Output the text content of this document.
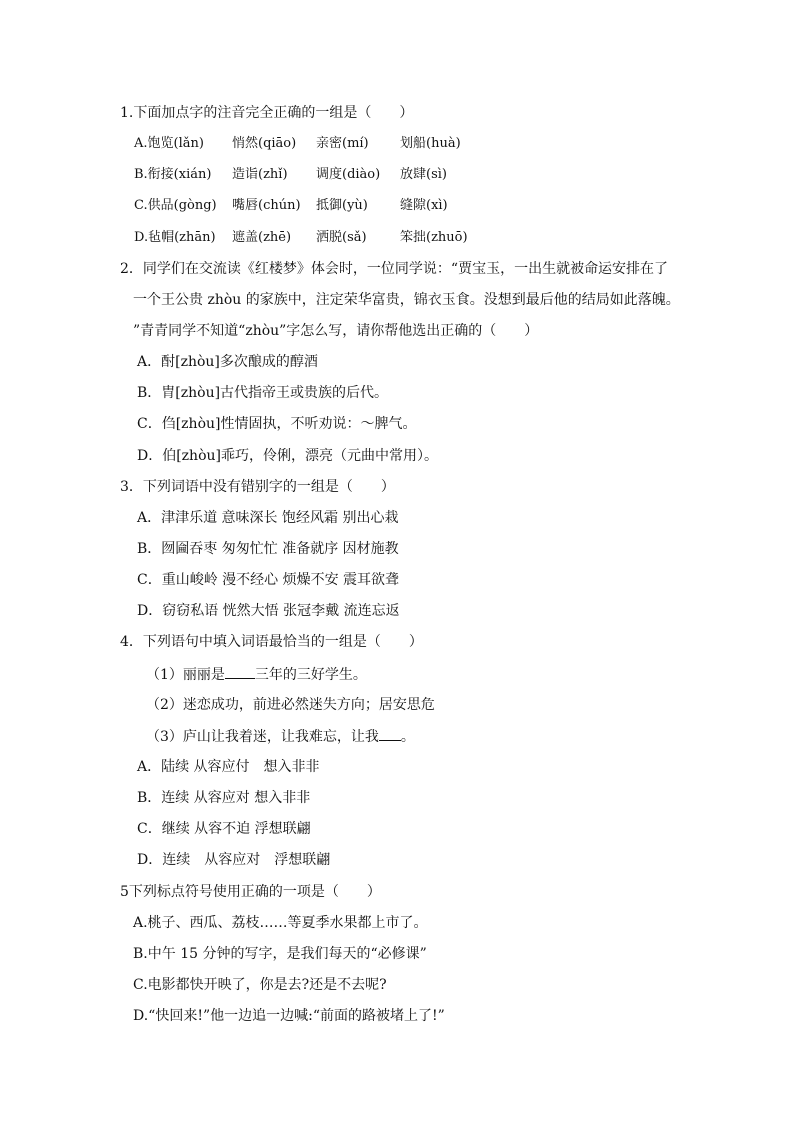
1.下面加点字的注音完全正确的一组是（　　）
A.饱览(lǎn) 悄然(qiāo) 亲密(mí) 划船(huà)
B.衔接(xián) 造诣(zhǐ) 调度(diào) 放肆(sì)
C.供品(gòng) 嘴唇(chún) 抵御(yù) 缝隙(xì)
D.毡帽(zhān) 遮盖(zhē) 洒脱(sǎ)	笨拙(zhuō)
2．同学们在交流读《红楼梦》体会时，一位同学说：“贾宝玉，一出生就被命运安排在了
一个王公贵 zhòu 的家族中，注定荣华富贵，锦衣玉食。没想到最后他的结局如此落魄。
”青青同学不知道“zhòu”字怎么写，请你帮他选出正确的（　　）
A．酎[zhòu]多次酿成的醇酒
B．胄[zhòu]古代指帝王或贵族的后代。
C．㑇[zhòu]性情固执，不听劝说：～脾气。
D．伯[zhòu]乖巧，伶俐，漂亮（元曲中常用）。
3．下列词语中没有错别字的一组是（　　）
A．津津乐道 意味深长 饱经风霜 别出心栽
B．囫圇吞枣 匆匆忙忙 准备就序 因材施教
C．重山峻岭 漫不经心 烦燥不安 震耳欲聋
D．窃窃私语 恍然大悟 张冠李戴 流连忘返
4．下列语句中填入词语最恰当的一组是（　　）
（1）丽丽是 三年的三好学生。
（2）迷恋成功，前进必然迷失方向；居安思危
（3）庐山让我着迷，让我难忘，让我 。
A．陆续 从容应付　想入非非
B．连续 从容应对 想入非非
C．继续 从容不迫 浮想联翩
D．连续　从容应对　浮想联翩
5下列标点符号使用正确的一项是（　　）
A.桃子、西瓜、荔枝……等夏季水果都上市了。
B.中午 15 分钟的写字，是我们每天的“必修课”
C.电影都快开映了，你是去?还是不去呢?
D.“快回来!”他一边追一边喊:“前面的路被堵上了!”
